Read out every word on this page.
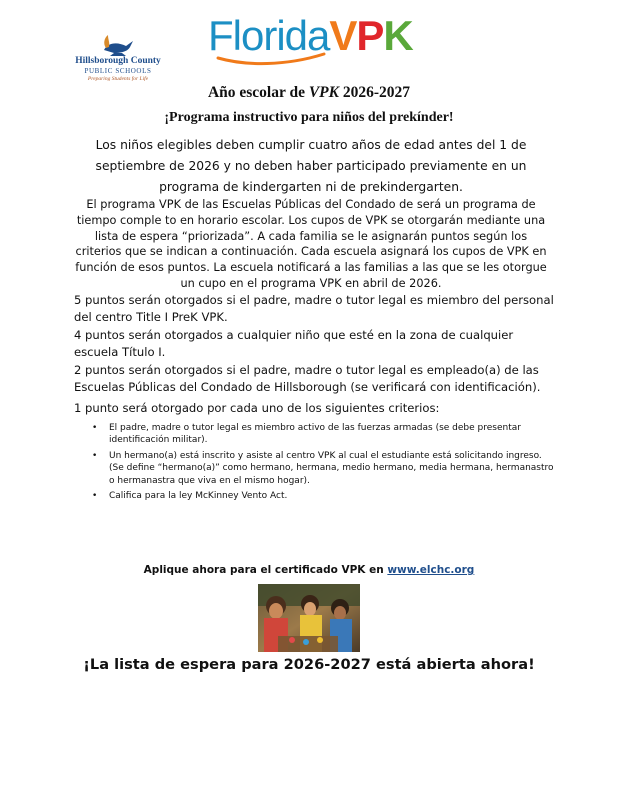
Hillsborough County
PUBLIC SCHOOLS
Preparing Students for Life
FloridaVPK
Año escolar de VPK 2026-2027
¡Programa instructivo para niños del prekínder!
Los niños elegibles deben cumplir cuatro años de edad antes del 1 de septiembre de 2026 y no deben haber participado previamente en un programa de kindergarten ni de prekindergarten.
El programa VPK de las Escuelas Públicas del Condado de será un programa de tiempo comple to en horario escolar. Los cupos de VPK se otorgarán mediante una lista de espera “priorizada”. A cada familia se le asignarán puntos según los criterios que se indican a continuación. Cada escuela asignará los cupos de VPK en función de esos puntos. La escuela notificará a las familias a las que se les otorgue un cupo en el programa VPK en abril de 2026.
5 puntos serán otorgados si el padre, madre o tutor legal es miembro del personal del centro Title I PreK VPK.
4 puntos serán otorgados a cualquier niño que esté en la zona de cualquier escuela Título I.
2 puntos serán otorgados si el padre, madre o tutor legal es empleado(a) de las Escuelas Públicas del Condado de Hillsborough (se verificará con identificación).
1 punto será otorgado por cada uno de los siguientes criterios:
• El padre, madre o tutor legal es miembro activo de las fuerzas armadas (se debe presentar identificación militar).
• Un hermano(a) está inscrito y asiste al centro VPK al cual el estudiante está solicitando ingreso. (Se define “hermano(a)” como hermano, hermana, medio hermano, media hermana, hermanastro o hermanastra que viva en el mismo hogar).
• Califica para la ley McKinney Vento Act.
Aplique ahora para el certificado VPK en www.elchc.org
¡La lista de espera para 2026-2027 está abierta ahora!
